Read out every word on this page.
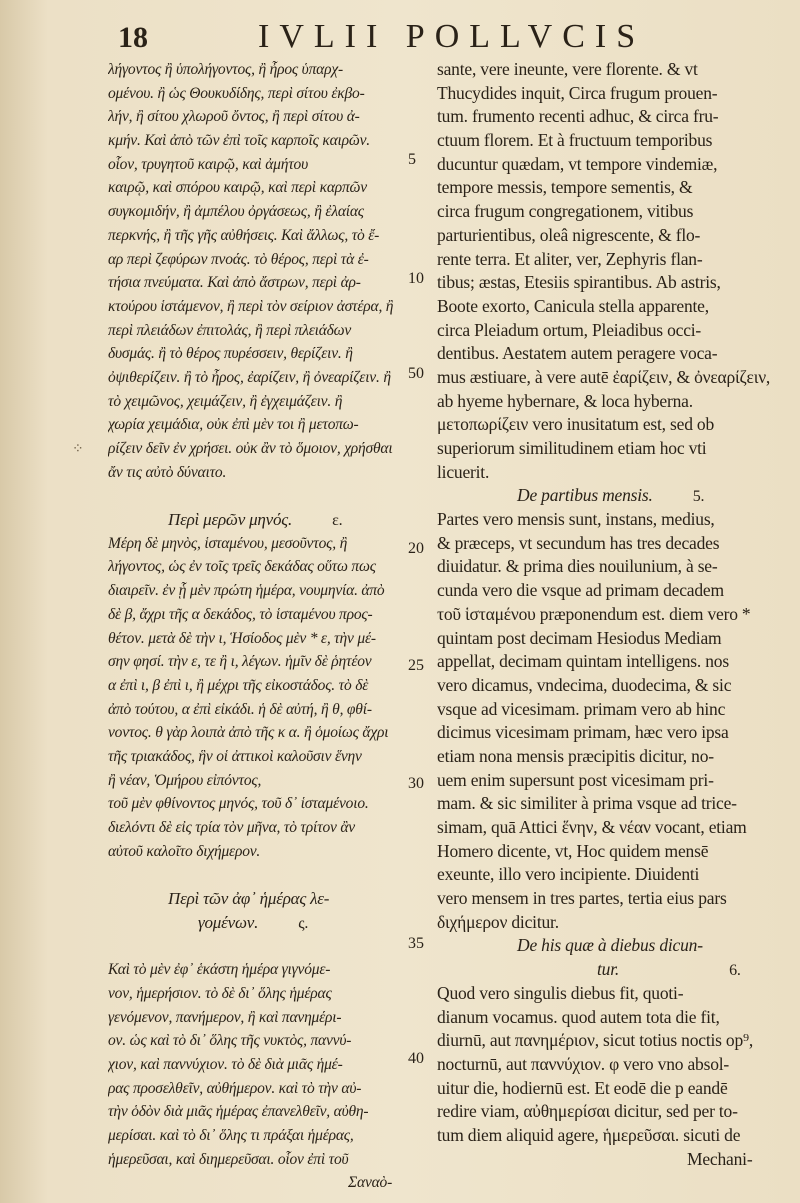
18	IVLII POLLVCIS
λήγοντος ἢ ὑπολήγοντος, ἢ ἦρος ὑπαρχ-
ομένου. ἢ ὡς Θουκυδίδης, περὶ σίτου ἐκβο-
λήν, ἢ σίτου χλωροῦ ὄντος, ἢ περὶ σίτου ἀ-
κμήν. Καὶ ἀπὸ τῶν ἐπὶ τοῖς καρποῖς καιρῶν.
οἷον, τρυγητοῦ καιρῷ, καὶ ἀμήτου
καιρῷ, καὶ σπόρου καιρῷ, καὶ περὶ καρπῶν
συγκομιδήν, ἢ ἀμπέλου ὀργάσεως, ἢ ἐλαίας
περκνής, ἢ τῆς γῆς αὐθήσεις. Καὶ ἄλλως, τὸ ἔ-
αρ περὶ ζεφύρων πνοάς. τὸ θέρος, περὶ τὰ ἐ-
τήσια πνεύματα. Καὶ ἀπὸ ἄστρων, περὶ ἀρ-
κτούρου ἱστάμενον, ἢ περὶ τὸν σείριον ἀστέρα, ἢ
περὶ πλειάδων ἐπιτολάς, ἢ περὶ πλειάδων
δυσμάς. ἢ τὸ θέρος πυρέσσειν, θερίζειν. ἢ
ὀψιθερίζειν. ἢ τὸ ἦρος, ἐαρίζειν, ἢ ὀνεαρίζειν. ἢ
τὸ χειμῶνος, χειμάζειν, ἢ ἐγχειμάζειν. ἢ
χωρία χειμάδια, οὐκ ἐπὶ μὲν τοι ἢ μετοπω-
ρίζειν δεῖν ἐν χρήσει. οὐκ ἂν τὸ ὅμοιον, χρήσθαι
ἄν τις αὐτὸ δύναιτο.
Περὶ μερῶν μηνός.	ε.
Μέρη δὲ μηνὸς, ἱσταμένου, μεσοῦντος, ἢ
λήγοντος, ὡς ἐν τοῖς τρεῖς δεκάδας οὕτω πως
διαιρεῖν. ἐν ᾗ μὲν πρώτη ἡμέρα, νουμηνία. ἀπὸ
δὲ β, ἄχρι τῆς α δεκάδος, τὸ ἱσταμένου προς-
θέτον. μετὰ δὲ τὴν ι, Ἡσίοδος μὲν * ε, τὴν μέ-
σην φησί. τὴν ε, τε ἢ ι, λέγων. ἡμῖν δὲ ῥητέον
α ἐπὶ ι, β ἐπὶ ι, ἢ μέχρι τῆς εἰκοστάδος. τὸ δὲ
ἀπὸ τούτου, α ἐπὶ εἰκάδι. ἡ δὲ αὐτή, ἢ θ, φθί-
νοντος. θ γὰρ λοιπὰ ἀπὸ τῆς κ α. ἢ ὁμοίως ἄχρι
τῆς τριακάδος, ἣν οἱ ἀττικοὶ καλοῦσιν ἕνην
ἢ νέαν, Ὁμήρου εἰπόντος,
τοῦ μὲν φθίνοντος μηνός, τοῦ δ᾽ ἱσταμένοιο.
διελόντι δὲ εἰς τρία τὸν μῆνα, τὸ τρίτον ἂν
αὐτοῦ καλοῖτο διχήμερον.
Περὶ τῶν ἀφ᾽ ἡμέρας λε-
γομένων.	ς.
Καὶ τὸ μὲν ἐφ᾽ ἑκάστη ἡμέρα γιγνόμε-
νον, ἡμερήσιον. τὸ δὲ δι᾽ ὅλης ἡμέρας
γενόμενον, πανήμερον, ἢ καὶ πανημέρι-
ον. ὡς καὶ τὸ δι᾽ ὅλης τῆς νυκτὸς, παννύ-
χιον, καὶ παννύχιον. τὸ δὲ διὰ μιᾶς ἡμέ-
ρας προσελθεῖν, αὐθήμερον. καὶ τὸ τὴν αὐ-
τὴν ὁδὸν διὰ μιᾶς ἡμέρας ἐπανελθεῖν, αὐθη-
μερίσαι. καὶ τὸ δι᾽ ὅλης τι πράξαι ἡμέρας,
ἡμερεῦσαι, καὶ διημερεῦσαι. οἷον ἐπὶ τοῦ
Σαναὸ-
5
10
50
20
25
30
35
40
sante, vere ineunte, vere florente. & vt
Thucydides inquit, Circa frugum prouen-
tum. frumento recenti adhuc, & circa fru-
ctuum florem. Et à fructuum temporibus
ducuntur quædam, vt tempore vindemiæ,
tempore messis, tempore sementis, &
circa frugum congregationem, vitibus
parturientibus, oleâ nigrescente, & flo-
rente terra. Et aliter, ver, Zephyris flan-
tibus; æstas, Etesiis spirantibus. Ab astris,
Boote exorto, Canicula stella apparente,
circa Pleiadum ortum, Pleiadibus occi-
dentibus. Aestatem autem peragere voca-
mus æstiuare, à vere autē ἐαρίζειν, & ὀνεαρίζειν,
ab hyeme hybernare, & loca hyberna.
μετοπωρίζειν vero inusitatum est, sed ob
superiorum similitudinem etiam hoc vti
licuerit.
De partibus mensis.	5.
Partes vero mensis sunt, instans, medius,
& præceps, vt secundum has tres decades
diuidatur. & prima dies nouilunium, à se-
cunda vero die vsque ad primam decadem
τοῦ ἱσταμένου præponendum est. diem vero *
quintam post decimam Hesiodus Mediam
appellat, decimam quintam intelligens. nos
vero dicamus, vndecima, duodecima, & sic
vsque ad vicesimam. primam vero ab hinc
dicimus vicesimam primam, hæc vero ipsa
etiam nona mensis præcipitis dicitur, no-
uem enim supersunt post vicesimam pri-
mam. & sic similiter à prima vsque ad trice-
simam, quā Attici ἕνην, & νέαν vocant, etiam
Homero dicente, vt, Hoc quidem mensē
exeunte, illo vero incipiente. Diuidenti
vero mensem in tres partes, tertia eius pars
διχήμερον dicitur.
De his quæ à diebus dicun-
tur.	6.
Quod vero singulis diebus fit, quoti-
dianum vocamus. quod autem tota die fit,
diurnū, aut πανημέριον, sicut totius noctis op⁹,
nocturnū, aut παννύχιον. φ vero vno absol-
uitur die, hodiernū est. Et eodē die p eandē
redire viam, αὐθημερίσαι dicitur, sed per to-
tum diem aliquid agere, ἡμερεῦσαι. sicuti de
Mechani-
⁘
